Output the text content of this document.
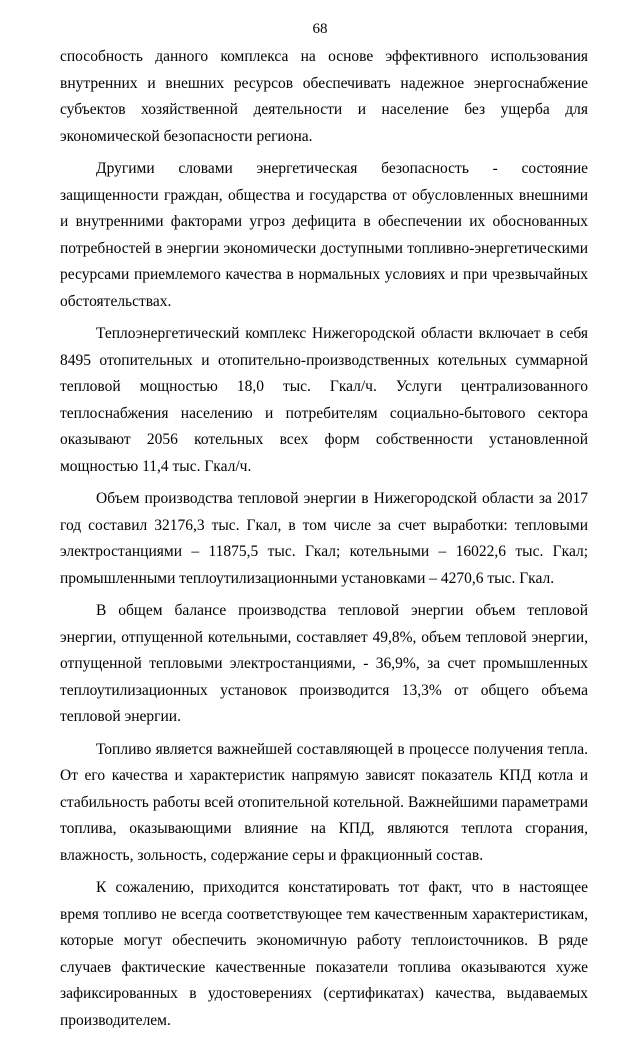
68

способность данного комплекса на основе эффективного использования внутренних и внешних ресурсов обеспечивать надежное энергоснабжение субъектов хозяйственной деятельности и население без ущерба для экономической безопасности региона.

Другими словами энергетическая безопасность - состояние защищенности граждан, общества и государства от обусловленных внешними и внутренними факторами угроз дефицита в обеспечении их обоснованных потребностей в энергии экономически доступными топливно-энергетическими ресурсами приемлемого качества в нормальных условиях и при чрезвычайных обстоятельствах.

Теплоэнергетический комплекс Нижегородской области включает в себя 8495 отопительных и отопительно-производственных котельных суммарной тепловой мощностью 18,0 тыс. Гкал/ч. Услуги централизованного теплоснабжения населению и потребителям социально-бытового сектора оказывают 2056 котельных всех форм собственности установленной мощностью 11,4 тыс. Гкал/ч.

Объем производства тепловой энергии в Нижегородской области за 2017 год составил 32176,3 тыс. Гкал, в том числе за счет выработки: тепловыми электростанциями – 11875,5 тыс. Гкал; котельными – 16022,6 тыс. Гкал; промышленными теплоутилизационными установками – 4270,6 тыс. Гкал.

В общем балансе производства тепловой энергии объем тепловой энергии, отпущенной котельными, составляет 49,8%, объем тепловой энергии, отпущенной тепловыми электростанциями, - 36,9%, за счет промышленных теплоутилизационных установок производится 13,3% от общего объема тепловой энергии.

Топливо является важнейшей составляющей в процессе получения тепла. От его качества и характеристик напрямую зависят показатель КПД котла и стабильность работы всей отопительной котельной. Важнейшими параметрами топлива, оказывающими влияние на КПД, являются теплота сгорания, влажность, зольность, содержание серы и фракционный состав.

К сожалению, приходится констатировать тот факт, что в настоящее время топливо не всегда соответствующее тем качественным характеристикам, которые могут обеспечить экономичную работу теплоисточников. В ряде случаев фактические качественные показатели топлива оказываются хуже зафиксированных в удостоверениях (сертификатах) качества, выдаваемых производителем.
